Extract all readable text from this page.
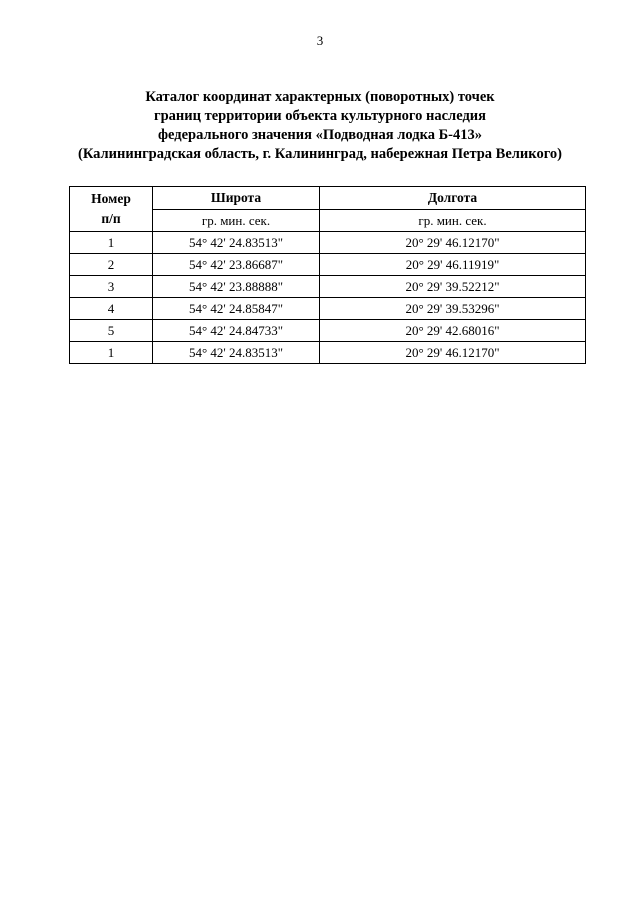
3
Каталог координат характерных (поворотных) точек
границ территории объекта культурного наследия
федерального значения «Подводная лодка Б-413»
(Калининградская область, г. Калининград, набережная Петра Великого)
Номер
п/п	Широта	Долгота
	гр. мин. сек.	гр. мин. сек.
1	54° 42' 24.83513"	20° 29' 46.12170"
2	54° 42' 23.86687"	20° 29' 46.11919"
3	54° 42' 23.88888"	20° 29' 39.52212"
4	54° 42' 24.85847"	20° 29' 39.53296"
5	54° 42' 24.84733"	20° 29' 42.68016"
1	54° 42' 24.83513"	20° 29' 46.12170"
